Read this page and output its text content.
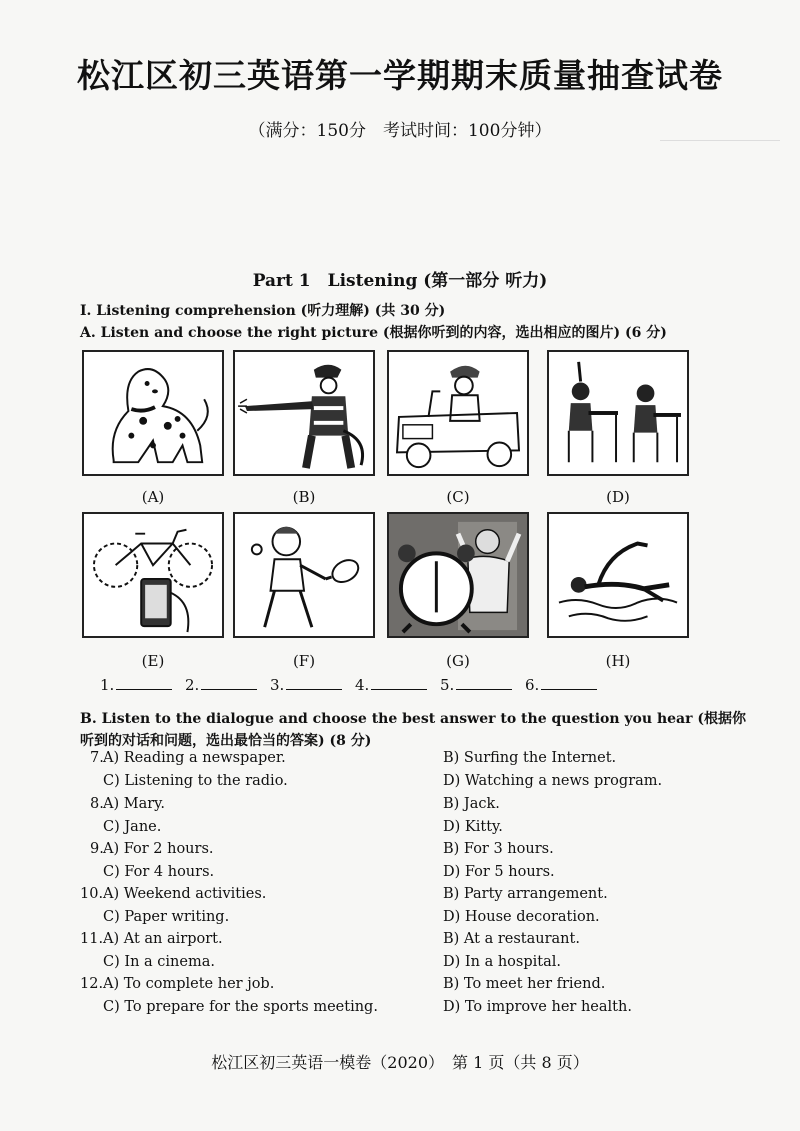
松江区初三英语第一学期期末质量抽查试卷
（满分：150分　考试时间：100分钟）
Part 1　Listening (第一部分 听力)
I. Listening comprehension (听力理解) (共 30 分)
A. Listen and choose the right picture (根据你听到的内容，选出相应的图片) (6 分)
(A)	(B)	(C)	(D)
(E)	(F)	(G)	(H)
1.	2.	3.	4.	5.	6.
B. Listen to the dialogue and choose the best answer to the question you hear (根据你听到的对话和问题，选出最恰当的答案) (8 分)
7. A) Reading a newspaper.	B) Surfing the Internet.
C) Listening to the radio.	D) Watching a news program.
8. A) Mary.	B) Jack.
C) Jane.	D) Kitty.
9. A) For 2 hours.	B) For 3 hours.
C) For 4 hours.	D) For 5 hours.
10. A) Weekend activities.	B) Party arrangement.
C) Paper writing.	D) House decoration.
11. A) At an airport.	B) At a restaurant.
C) In a cinema.	D) In a hospital.
12. A) To complete her job.	B) To meet her friend.
C) To prepare for the sports meeting.	D) To improve her health.
松江区初三英语一模卷（2020）　第 1 页（共 8 页）
